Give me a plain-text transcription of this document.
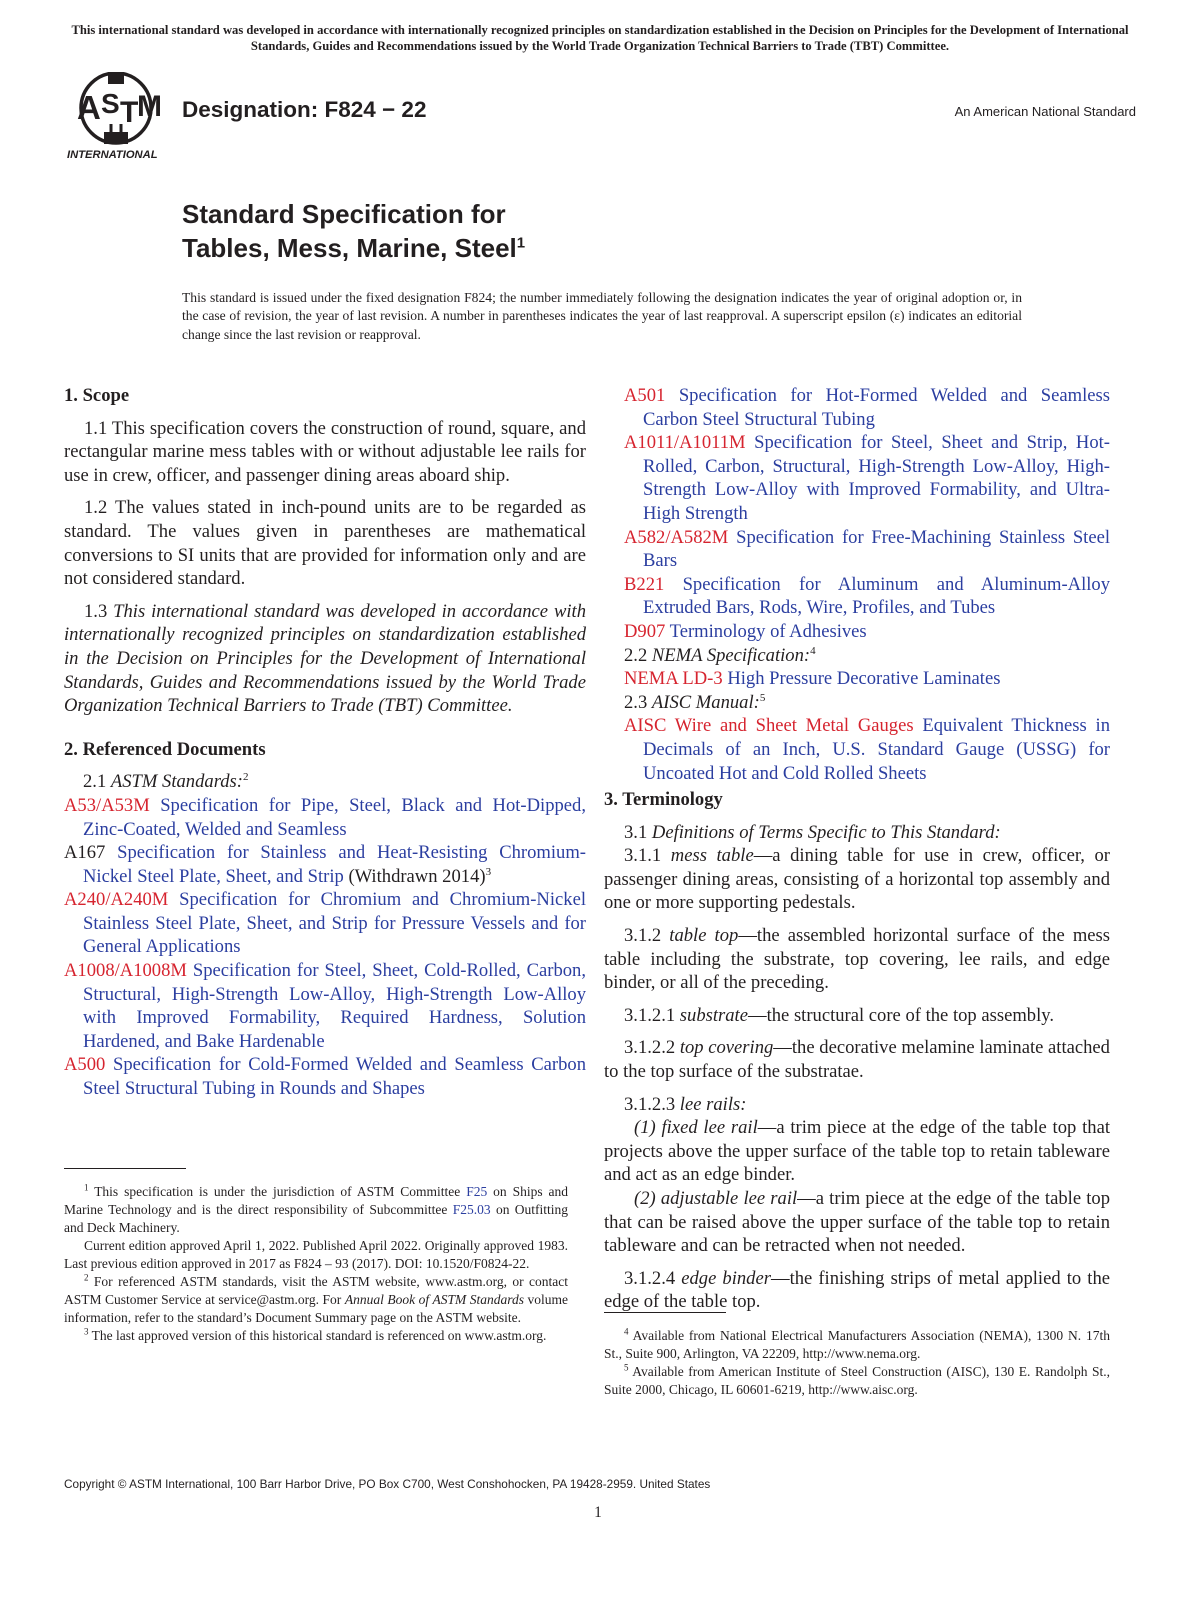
This international standard was developed in accordance with internationally recognized principles on standardization established in the Decision on Principles for the Development of International Standards, Guides and Recommendations issued by the World Trade Organization Technical Barriers to Trade (TBT) Committee.
A S T
M
INTERNATIONAL
Designation: F824 − 22	An American National Standard
Standard Specification for
Tables, Mess, Marine, Steel$^1$
This standard is issued under the fixed designation F824; the number immediately following the designation indicates the year of original adoption or, in the case of revision, the year of last revision. A number in parentheses indicates the year of last reapproval. A superscript epsilon (ε) indicates an editorial change since the last revision or reapproval.
1. Scope

1.1 This specification covers the construction of round, square, and rectangular marine mess tables with or without adjustable lee rails for use in crew, officer, and passenger dining areas aboard ship.

1.2 The values stated in inch-pound units are to be regarded as standard. The values given in parentheses are mathematical conversions to SI units that are provided for information only and are not considered standard.

1.3 This international standard was developed in accordance with internationally recognized principles on standardization established in the Decision on Principles for the Development of International Standards, Guides and Recommendations issued by the World Trade Organization Technical Barriers to Trade (TBT) Committee.

2. Referenced Documents

2.1 ASTM Standards:$^2$

A53/A53M Specification for Pipe, Steel, Black and Hot-Dipped, Zinc-Coated, Welded and Seamless

A167 Specification for Stainless and Heat-Resisting Chromium-Nickel Steel Plate, Sheet, and Strip (Withdrawn 2014)$^3$

A240/A240M Specification for Chromium and Chromium-Nickel Stainless Steel Plate, Sheet, and Strip for Pressure Vessels and for General Applications

A1008/A1008M Specification for Steel, Sheet, Cold-Rolled, Carbon, Structural, High-Strength Low-Alloy, High-Strength Low-Alloy with Improved Formability, Required Hardness, Solution Hardened, and Bake Hardenable

A500 Specification for Cold-Formed Welded and Seamless Carbon Steel Structural Tubing in Rounds and Shapes

$^1$ This specification is under the jurisdiction of ASTM Committee F25 on Ships and Marine Technology and is the direct responsibility of Subcommittee F25.03 on Outfitting and Deck Machinery.

Current edition approved April 1, 2022. Published April 2022. Originally approved 1983. Last previous edition approved in 2017 as F824 – 93 (2017). DOI: 10.1520/F0824-22.

$^2$ For referenced ASTM standards, visit the ASTM website, www.astm.org, or contact ASTM Customer Service at service@astm.org. For Annual Book of ASTM Standards volume information, refer to the standard’s Document Summary page on the ASTM website.

$^3$ The last approved version of this historical standard is referenced on www.astm.org.

A501 Specification for Hot-Formed Welded and Seamless Carbon Steel Structural Tubing

A1011/A1011M Specification for Steel, Sheet and Strip, Hot-Rolled, Carbon, Structural, High-Strength Low-Alloy, High-Strength Low-Alloy with Improved Formability, and Ultra-High Strength

A582/A582M Specification for Free-Machining Stainless Steel Bars

B221 Specification for Aluminum and Aluminum-Alloy Extruded Bars, Rods, Wire, Profiles, and Tubes

D907 Terminology of Adhesives

2.2 NEMA Specification:$^4$

NEMA LD-3 High Pressure Decorative Laminates

2.3 AISC Manual:$^5$

AISC Wire and Sheet Metal Gauges Equivalent Thickness in Decimals of an Inch, U.S. Standard Gauge (USSG) for Uncoated Hot and Cold Rolled Sheets

3. Terminology

3.1 Definitions of Terms Specific to This Standard:

3.1.1 mess table—a dining table for use in crew, officer, or passenger dining areas, consisting of a horizontal top assembly and one or more supporting pedestals.

3.1.2 table top—the assembled horizontal surface of the mess table including the substrate, top covering, lee rails, and edge binder, or all of the preceding.

3.1.2.1 substrate—the structural core of the top assembly.

3.1.2.2 top covering—the decorative melamine laminate attached to the top surface of the substratae.

3.1.2.3 lee rails:

(1) fixed lee rail—a trim piece at the edge of the table top that projects above the upper surface of the table top to retain tableware and act as an edge binder.

(2) adjustable lee rail—a trim piece at the edge of the table top that can be raised above the upper surface of the table top to retain tableware and can be retracted when not needed.

3.1.2.4 edge binder—the finishing strips of metal applied to the edge of the table top.

$^4$ Available from National Electrical Manufacturers Association (NEMA), 1300 N. 17th St., Suite 900, Arlington, VA 22209, http://www.nema.org.

$^5$ Available from American Institute of Steel Construction (AISC), 130 E. Randolph St., Suite 2000, Chicago, IL 60601-6219, http://www.aisc.org.

Copyright © ASTM International, 100 Barr Harbor Drive, PO Box C700, West Conshohocken, PA 19428-2959. United States
1
